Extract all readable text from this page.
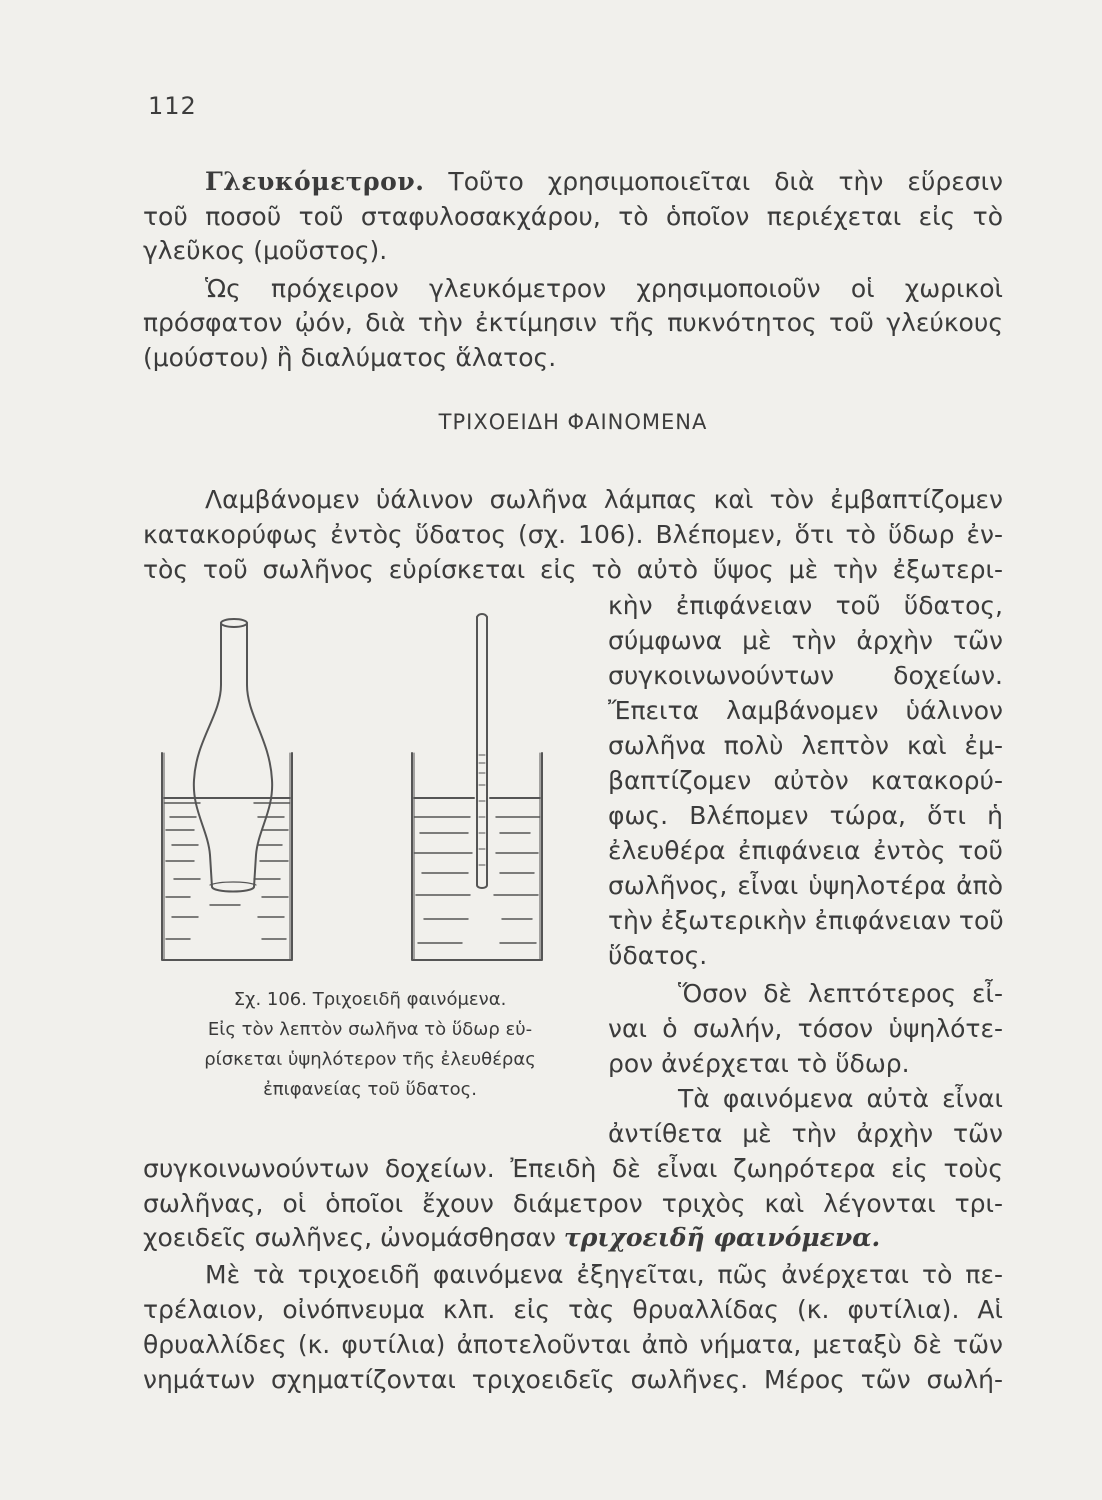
112
Γλευκόμετρον. Τοῦτο χρησιμοποιεῖται διὰ τὴν εὕρεσιν
τοῦ ποσοῦ τοῦ σταφυλοσακχάρου, τὸ ὁποῖον περιέχεται εἰς τὸ
γλεῦκος (μοῦστος).
Ὡς πρόχειρον γλευκόμετρον χρησιμοποιοῦν οἱ χωρικοὶ
πρόσφατον ᾠόν, διὰ τὴν ἐκτίμησιν τῆς πυκνότητος τοῦ γλεύκους
(μούστου) ἢ διαλύματος ἅλατος.
ΤΡΙΧΟΕΙΔΗ ΦΑΙΝΟΜΕΝΑ
Λαμβάνομεν ὑάλινον σωλῆνα λάμπας καὶ τὸν ἐμβαπτίζομεν
κατακορύφως ἐντὸς ὕδατος (σχ. 106). Βλέπομεν, ὅτι τὸ ὕδωρ ἐν-
τὸς τοῦ σωλῆνος εὑρίσκεται εἰς τὸ αὐτὸ ὕψος μὲ τὴν ἐξωτερι-
κὴν ἐπιφάνειαν τοῦ ὕδατος,
σύμφωνα μὲ τὴν ἀρχὴν τῶν
συγκοινωνούντων δοχείων.
Ἔπειτα λαμβάνομεν ὑάλινον
σωλῆνα πολὺ λεπτὸν καὶ ἐμ-
βαπτίζομεν αὐτὸν κατακορύ-
φως. Βλέπομεν τώρα, ὅτι ἡ
ἐλευθέρα ἐπιφάνεια ἐντὸς τοῦ
σωλῆνος, εἶναι ὑψηλοτέρα ἀπὸ
τὴν ἐξωτερικὴν ἐπιφάνειαν τοῦ
ὕδατος.
Ὅσον δὲ λεπτότερος εἶ-
ναι ὁ σωλήν, τόσον ὑψηλότε-
ρον ἀνέρχεται τὸ ὕδωρ.
Τὰ φαινόμενα αὐτὰ εἶναι
ἀντίθετα μὲ τὴν ἀρχὴν τῶν
συγκοινωνούντων δοχείων. Ἐπειδὴ δὲ εἶναι ζωηρότερα εἰς τοὺς
σωλῆνας, οἱ ὁποῖοι ἔχουν διάμετρον τριχὸς καὶ λέγονται τρι-
χοειδεῖς σωλῆνες, ὠνομάσθησαν τριχοειδῆ φαινόμενα.
Μὲ τὰ τριχοειδῆ φαινόμενα ἐξηγεῖται, πῶς ἀνέρχεται τὸ πε-
τρέλαιον, οἰνόπνευμα κλπ. εἰς τὰς θρυαλλίδας (κ. φυτίλια). Αἱ
θρυαλλίδες (κ. φυτίλια) ἀποτελοῦνται ἀπὸ νήματα, μεταξὺ δὲ τῶν
νημάτων σχηματίζονται τριχοειδεῖς σωλῆνες. Μέρος τῶν σωλή-
Σχ. 106. Τριχοειδῆ φαινόμενα.
Εἰς τὸν λεπτὸν σωλῆνα τὸ ὕδωρ εὑ-
ρίσκεται ὑψηλότερον τῆς ἐλευθέρας
ἐπιφανείας τοῦ ὕδατος.
